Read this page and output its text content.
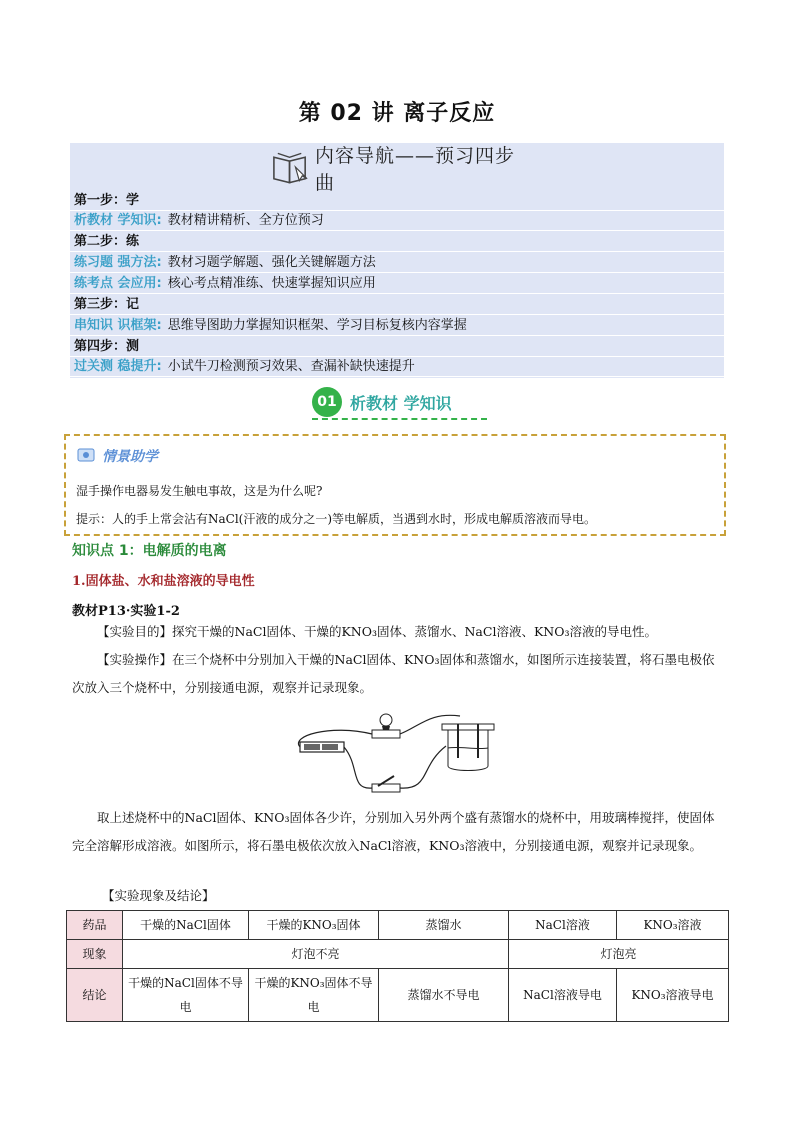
第 02 讲 离子反应
内容导航——预习四步曲
第一步：学
析教材 学知识: 教材精讲精析、全方位预习
第二步：练
练习题 强方法: 教材习题学解题、强化关键解题方法
练考点 会应用: 核心考点精准练、快速掌握知识应用
第三步：记
串知识 识框架: 思维导图助力掌握知识框架、学习目标复核内容掌握
第四步：测
过关测 稳提升: 小试牛刀检测预习效果、查漏补缺快速提升
01 析教材 学知识
情景助学
湿手操作电器易发生触电事故，这是为什么呢?
提示：人的手上常会沾有NaCl(汗液的成分之一)等电解质，当遇到水时，形成电解质溶液而导电。
知识点 1：电解质的电离
1.固体盐、水和盐溶液的导电性
教材P13·实验1-2
【实验目的】探究干燥的NaCl固体、干燥的KNO₃固体、蒸馏水、NaCl溶液、KNO₃溶液的导电性。
【实验操作】在三个烧杯中分别加入干燥的NaCl固体、KNO₃固体和蒸馏水，如图所示连接装置，将石墨电极依次放入三个烧杯中，分别接通电源，观察并记录现象。
取上述烧杯中的NaCl固体、KNO₃固体各少许，分别加入另外两个盛有蒸馏水的烧杯中，用玻璃棒搅拌，使固体完全溶解形成溶液。如图所示，将石墨电极依次放入NaCl溶液，KNO₃溶液中，分别接通电源，观察并记录现象。
【实验现象及结论】
药品	干燥的NaCl固体	干燥的KNO₃固体	蒸馏水	NaCl溶液	KNO₃溶液
现象	灯泡不亮			灯泡亮	
结论	干燥的NaCl固体不导电	干燥的KNO₃固体不导电	蒸馏水不导电	NaCl溶液导电	KNO₃溶液导电
